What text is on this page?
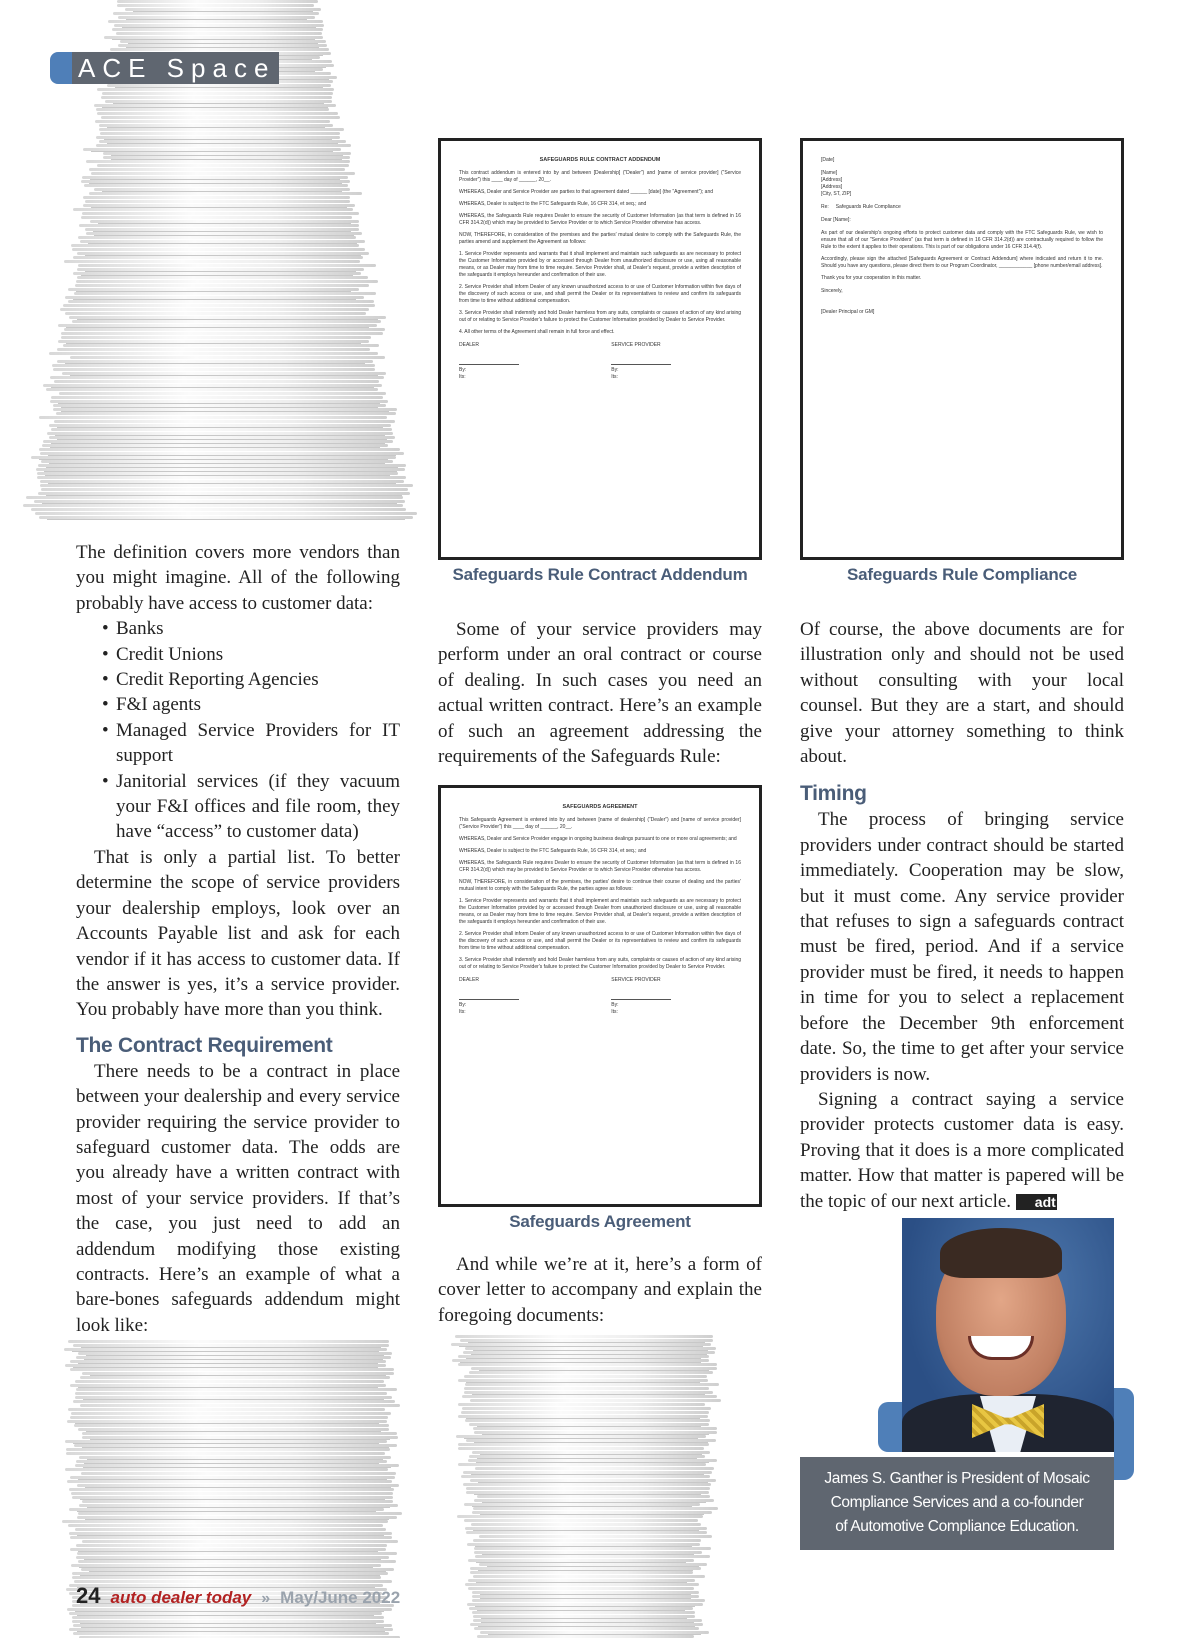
ACE Space

The definition covers more vendors than you might imagine. All of the following probably have access to customer data:

• Banks
• Credit Unions
• Credit Reporting Agencies
• F&I agents
• Managed Service Providers for IT support
• Janitorial services (if they vacuum your F&I offices and file room, they have “access” to customer data)

That is only a partial list. To better determine the scope of service providers your dealership employs, look over an Accounts Payable list and ask for each vendor if it has access to customer data. If the answer is yes, it’s a service provider. You probably have more than you think.

The Contract Requirement

There needs to be a contract in place between your dealership and every service provider requiring the service provider to safeguard customer data. The odds are you already have a written contract with most of your service providers. If that’s the case, you just need to add an addendum modifying those existing contracts. Here’s an example of what a bare-bones safeguards addendum might look like:

SAFEGUARDS RULE CONTRACT ADDENDUM
This contract addendum is entered into by and between [Dealership] (“Dealer”) and [name of service provider] (“Service Provider”) this ____ day of ______, 20__.
WHEREAS, Dealer and Service Provider are parties to that agreement dated ______ [date] (the “Agreement”); and
WHEREAS, Dealer is subject to the FTC Safeguards Rule, 16 CFR 314, et seq.; and
WHEREAS, the Safeguards Rule requires Dealer to ensure the security of Customer Information (as that term is defined in 16 CFR 314.2(d)) which may be provided to Service Provider or to which Service Provider otherwise has access.
NOW, THEREFORE, in consideration of the premises and the parties' mutual desire to comply with the Safeguards Rule, the parties amend and supplement the Agreement as follows:
1. Service Provider represents and warrants that it shall implement and maintain such safeguards as are necessary to protect the Customer Information provided by or accessed through Dealer from unauthorized disclosure or use, using all reasonable means, or as Dealer may from time to time require. Service Provider shall, at Dealer's request, provide a written description of the safeguards it employs hereunder and confirmation of their use.
2. Service Provider shall inform Dealer of any known unauthorized access to or use of Customer Information within five days of the discovery of such access or use, and shall permit the Dealer or its representatives to review and confirm its safeguards from time to time without additional compensation.
3. Service Provider shall indemnify and hold Dealer harmless from any suits, complaints or causes of action of any kind arising out of or relating to Service Provider's failure to protect the Customer Information provided by Dealer to Service Provider.
4. All other terms of the Agreement shall remain in full force and effect.
DEALER
By:
Its:
SERVICE PROVIDER
By:
Its:
Safeguards Rule Contract Addendum
[Date]
[Name]
[Address]
[Address]
[City, ST, ZIP]
Re:     Safeguards Rule Compliance
Dear [Name]:
As part of our dealership's ongoing efforts to protect customer data and comply with the FTC Safeguards Rule, we wish to ensure that all of our "Service Providers" (as that term is defined in 16 CFR 314.2(d)) are contractually required to follow the Rule to the extent it applies to their operations. This is part of our obligations under 16 CFR 314.4(f).
Accordingly, please sign the attached [Safeguards Agreement or Contract Addendum] where indicated and return it to me. Should you have any questions, please direct them to our Program Coordinator, ____________ [phone number/email address].
Thank you for your cooperation in this matter.
Sincerely,
[Dealer Principal or GM]
Safeguards Rule Compliance

Some of your service providers may perform under an oral contract or course of dealing. In such cases you need an actual written contract. Here’s an example of such an agreement addressing the requirements of the Safeguards Rule:

SAFEGUARDS AGREEMENT
This Safeguards Agreement is entered into by and between [name of dealership] (“Dealer”) and [name of service provider] (“Service Provider”) this ____ day of ______, 20__.
WHEREAS, Dealer and Service Provider engage in ongoing business dealings pursuant to one or more oral agreements; and
WHEREAS, Dealer is subject to the FTC Safeguards Rule, 16 CFR 314, et seq.; and
WHEREAS, the Safeguards Rule requires Dealer to ensure the security of Customer Information (as that term is defined in 16 CFR 314.2(d)) which may be provided to Service Provider or to which Service Provider otherwise has access.
NOW, THEREFORE, in consideration of the premises, the parties' desire to continue their course of dealing and the parties' mutual intent to comply with the Safeguards Rule, the parties agree as follows:
1. Service Provider represents and warrants that it shall implement and maintain such safeguards as are necessary to protect the Customer Information provided by or accessed through Dealer from unauthorized disclosure or use, using all reasonable means, or as Dealer may from time to time require. Service Provider shall, at Dealer's request, provide a written description of the safeguards it employs hereunder and confirmation of their use.
2. Service Provider shall inform Dealer of any known unauthorized access to or use of Customer Information within five days of the discovery of such access or use, and shall permit the Dealer or its representatives to review and confirm its safeguards from time to time without additional compensation.
3. Service Provider shall indemnify and hold Dealer harmless from any suits, complaints or causes of action of any kind arising out of or relating to Service Provider's failure to protect the Customer Information provided by Dealer to Service Provider.
DEALER
By:
Its:
SERVICE PROVIDER
By:
Its:
Safeguards Agreement

And while we’re at it, here’s a form of cover letter to accompany and explain the foregoing documents:

Of course, the above documents are for illustration only and should not be used without consulting with your local counsel. But they are a start, and should give your attorney something to think about.

Timing

The process of bringing service providers under contract should be started immediately. Cooperation may be slow, but it must come. Any service provider that refuses to sign a safeguards contract must be fired, period. And if a service provider must be fired, it needs to happen in time for you to select a replacement before the December 9th enforcement date. So, the time to get after your service providers is now.

Signing a contract saying a service provider protects customer data is easy. Proving that it does is a more complicated matter. How that matter is papered will be the topic of our next article. adt

James S. Ganther is President of Mosaic
Compliance Services and a co-founder
of Automotive Compliance Education.
24 auto dealer today » May/June 2022
